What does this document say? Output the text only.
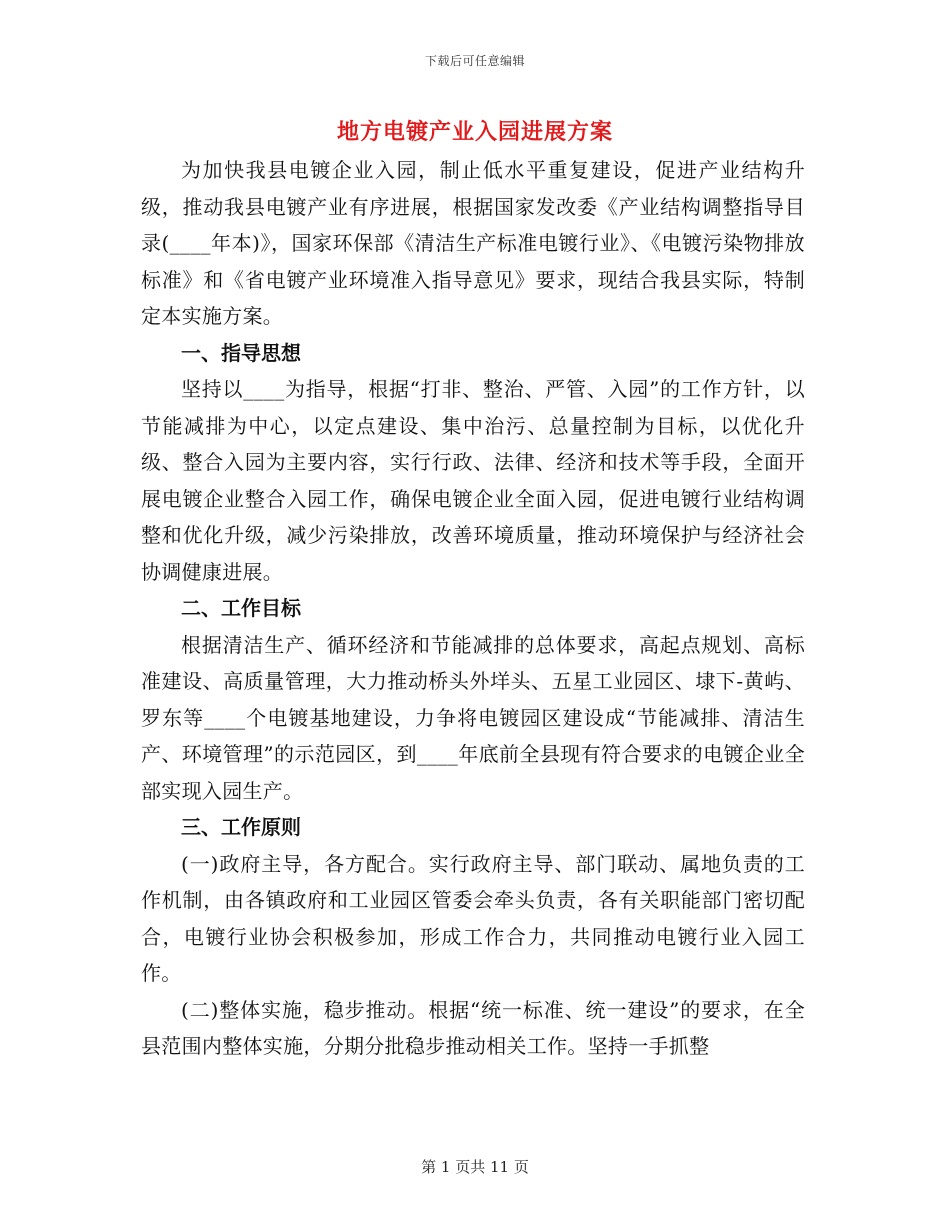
下载后可任意编辑
地方电镀产业入园进展方案

为加快我县电镀企业入园，制止低水平重复建设，促进产业结构升级，推动我县电镀产业有序进展，根据国家发改委《产业结构调整指导目录(____年本)》，国家环保部《清洁生产标准电镀行业》、《电镀污染物排放标准》和《省电镀产业环境准入指导意见》要求，现结合我县实际，特制定本实施方案。

一、指导思想

坚持以____为指导，根据“打非、整治、严管、入园”的工作方针，以节能减排为中心，以定点建设、集中治污、总量控制为目标，以优化升级、整合入园为主要内容，实行行政、法律、经济和技术等手段，全面开展电镀企业整合入园工作，确保电镀企业全面入园，促进电镀行业结构调整和优化升级，减少污染排放，改善环境质量，推动环境保护与经济社会协调健康进展。

二、工作目标

根据清洁生产、循环经济和节能减排的总体要求，高起点规划、高标准建设、高质量管理，大力推动桥头外垟头、五星工业园区、埭下-黄屿、罗东等____个电镀基地建设，力争将电镀园区建设成“节能减排、清洁生产、环境管理”的示范园区，到____年底前全县现有符合要求的电镀企业全部实现入园生产。

三、工作原则

(一)政府主导，各方配合。实行政府主导、部门联动、属地负责的工作机制，由各镇政府和工业园区管委会牵头负责，各有关职能部门密切配合，电镀行业协会积极参加，形成工作合力，共同推动电镀行业入园工作。

(二)整体实施，稳步推动。根据“统一标准、统一建设”的要求，在全县范围内整体实施，分期分批稳步推动相关工作。坚持一手抓整

第 1 页共 11 页
